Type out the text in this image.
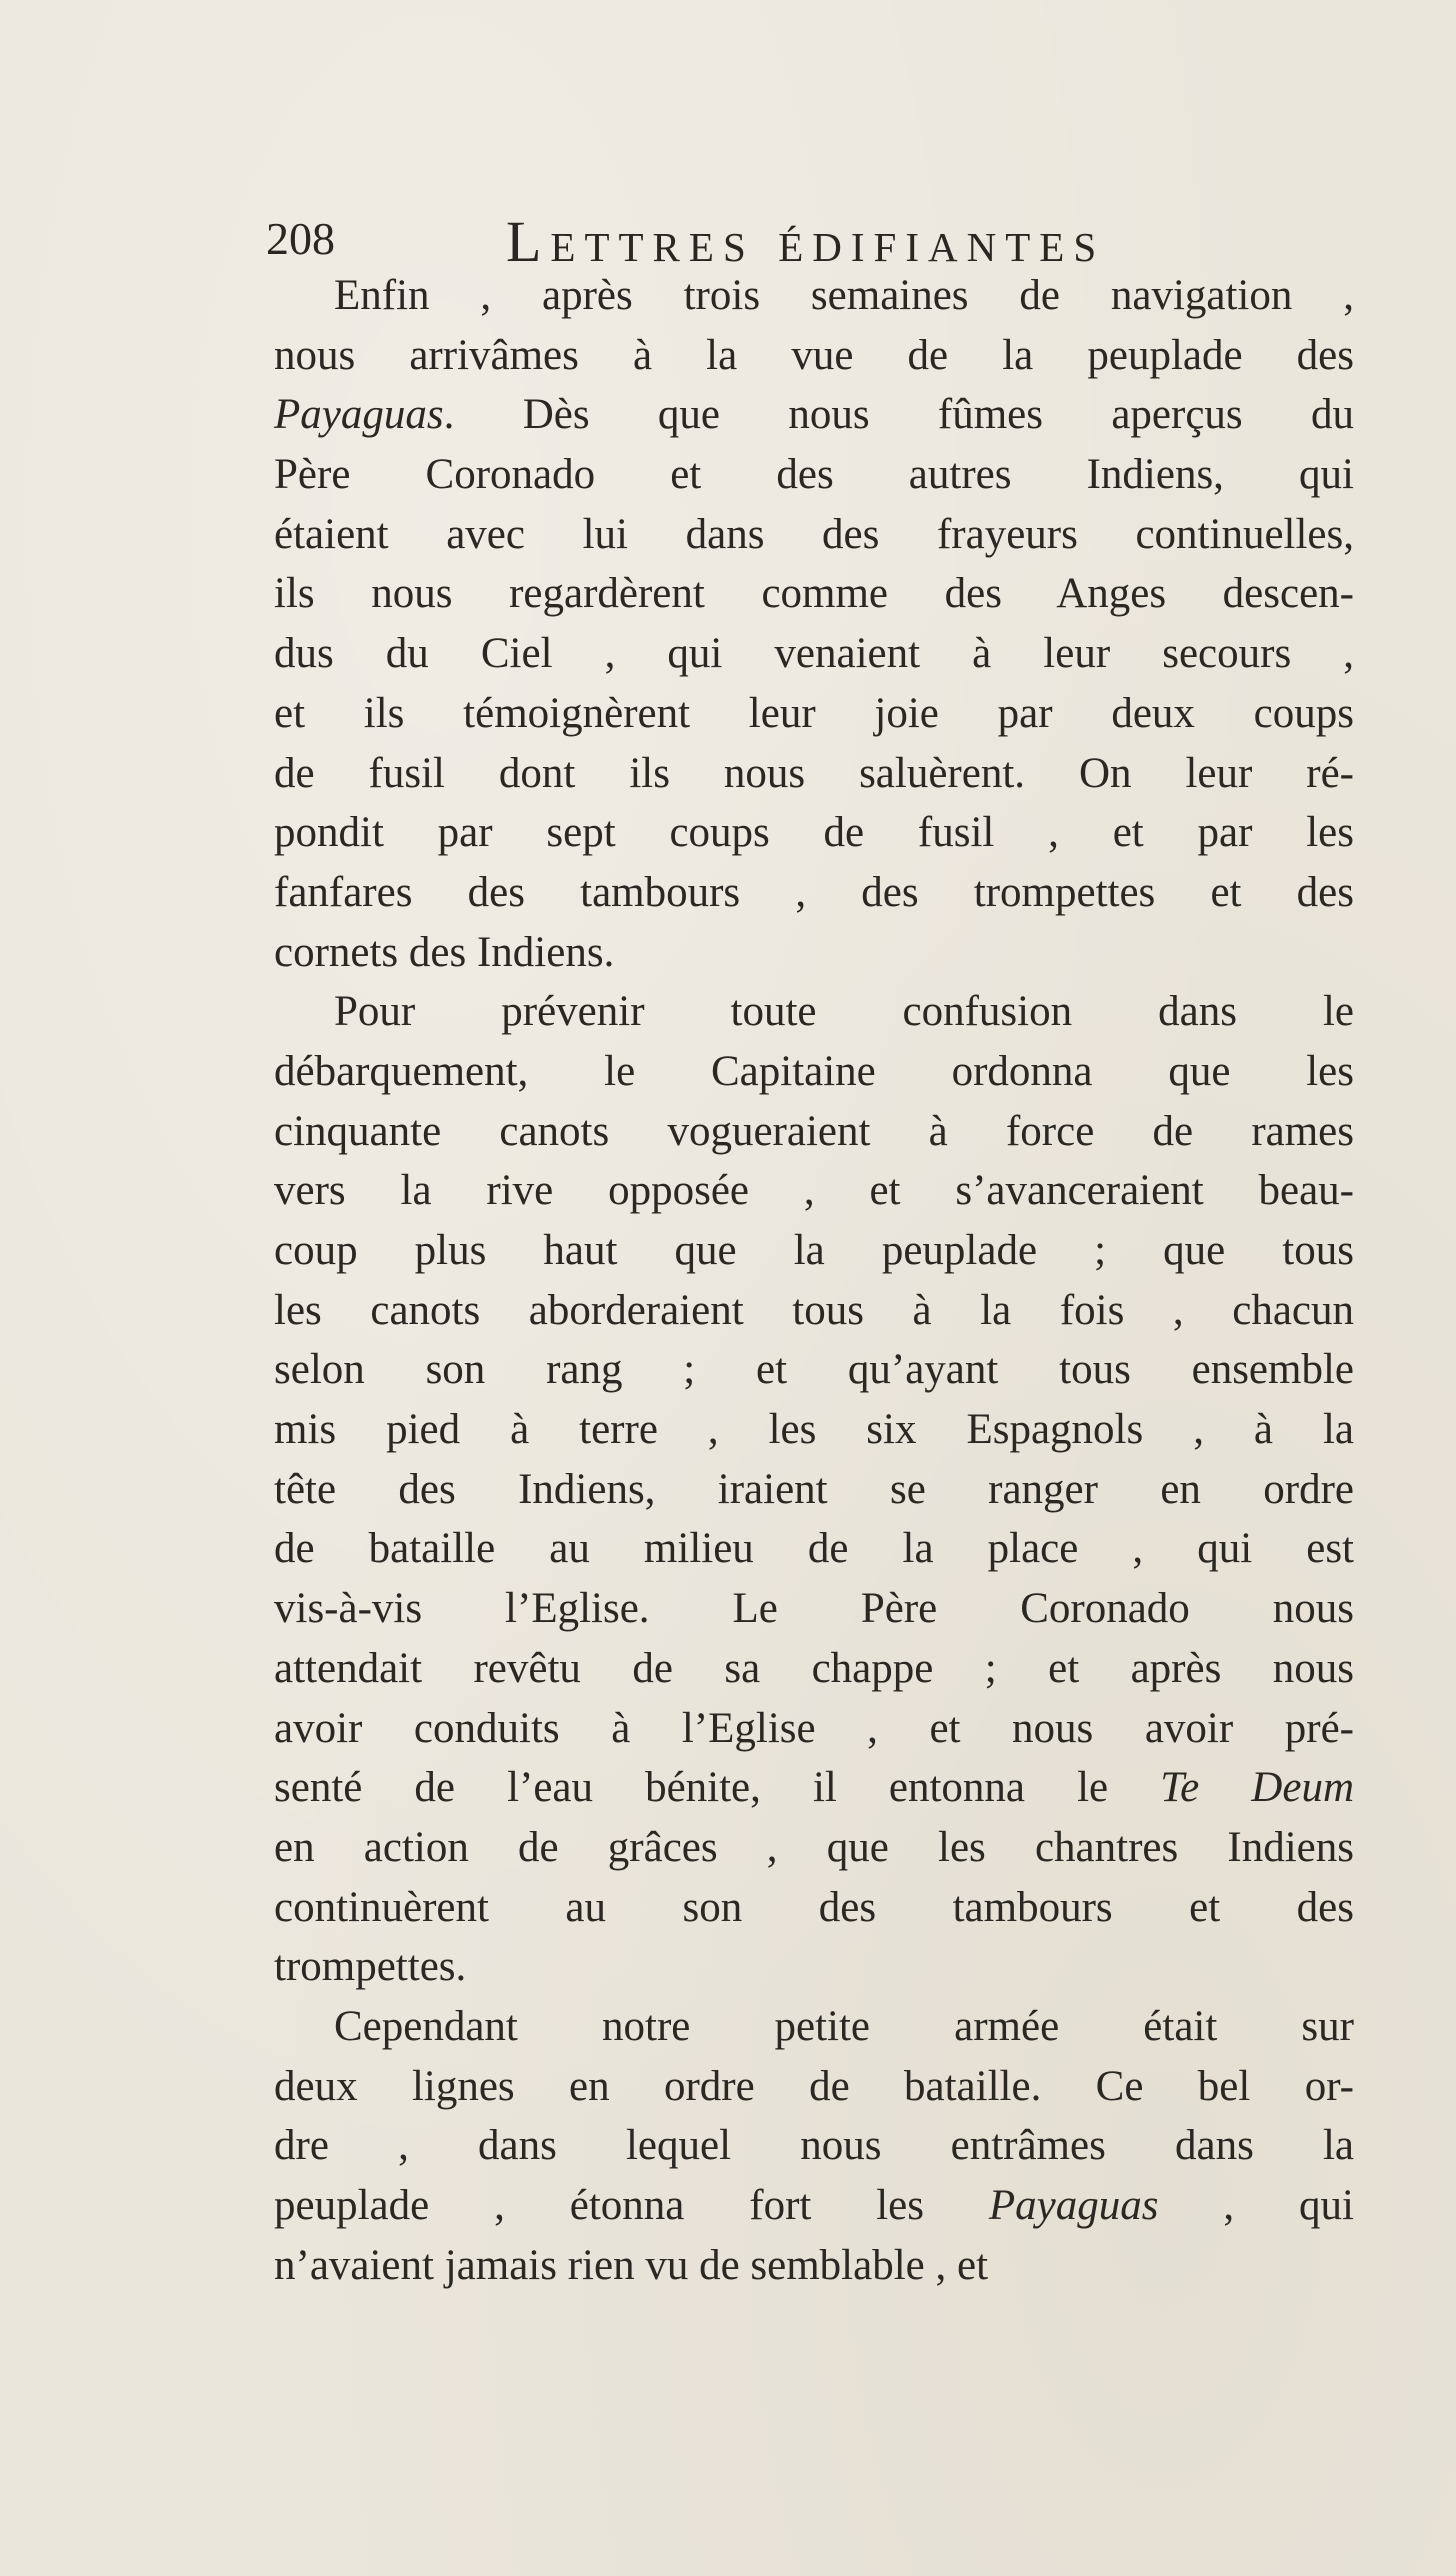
208	Lettres édifiantes
Enfin , après trois semaines de navigation ,
nous arrivâmes à la vue de la peuplade des
Payaguas. Dès que nous fûmes aperçus du
Père Coronado et des autres Indiens, qui
étaient avec lui dans des frayeurs continuelles,
ils nous regardèrent comme des Anges descen-
dus du Ciel , qui venaient à leur secours ,
et ils témoignèrent leur joie par deux coups
de fusil dont ils nous saluèrent. On leur ré-
pondit par sept coups de fusil , et par les
fanfares des tambours , des trompettes et des
cornets des Indiens.
Pour prévenir toute confusion dans le
débarquement, le Capitaine ordonna que les
cinquante canots vogueraient à force de rames
vers la rive opposée , et s’avanceraient beau-
coup plus haut que la peuplade ; que tous
les canots aborderaient tous à la fois , chacun
selon son rang ; et qu’ayant tous ensemble
mis pied à terre , les six Espagnols , à la
tête des Indiens, iraient se ranger en ordre
de bataille au milieu de la place , qui est
vis-à-vis l’Eglise. Le Père Coronado nous
attendait revêtu de sa chappe ; et après nous
avoir conduits à l’Eglise , et nous avoir pré-
senté de l’eau bénite, il entonna le Te Deum
en action de grâces , que les chantres Indiens
continuèrent au son des tambours et des
trompettes.
Cependant notre petite armée était sur
deux lignes en ordre de bataille. Ce bel or-
dre , dans lequel nous entrâmes dans la
peuplade , étonna fort les Payaguas , qui
n’avaient jamais rien vu de semblable , et
